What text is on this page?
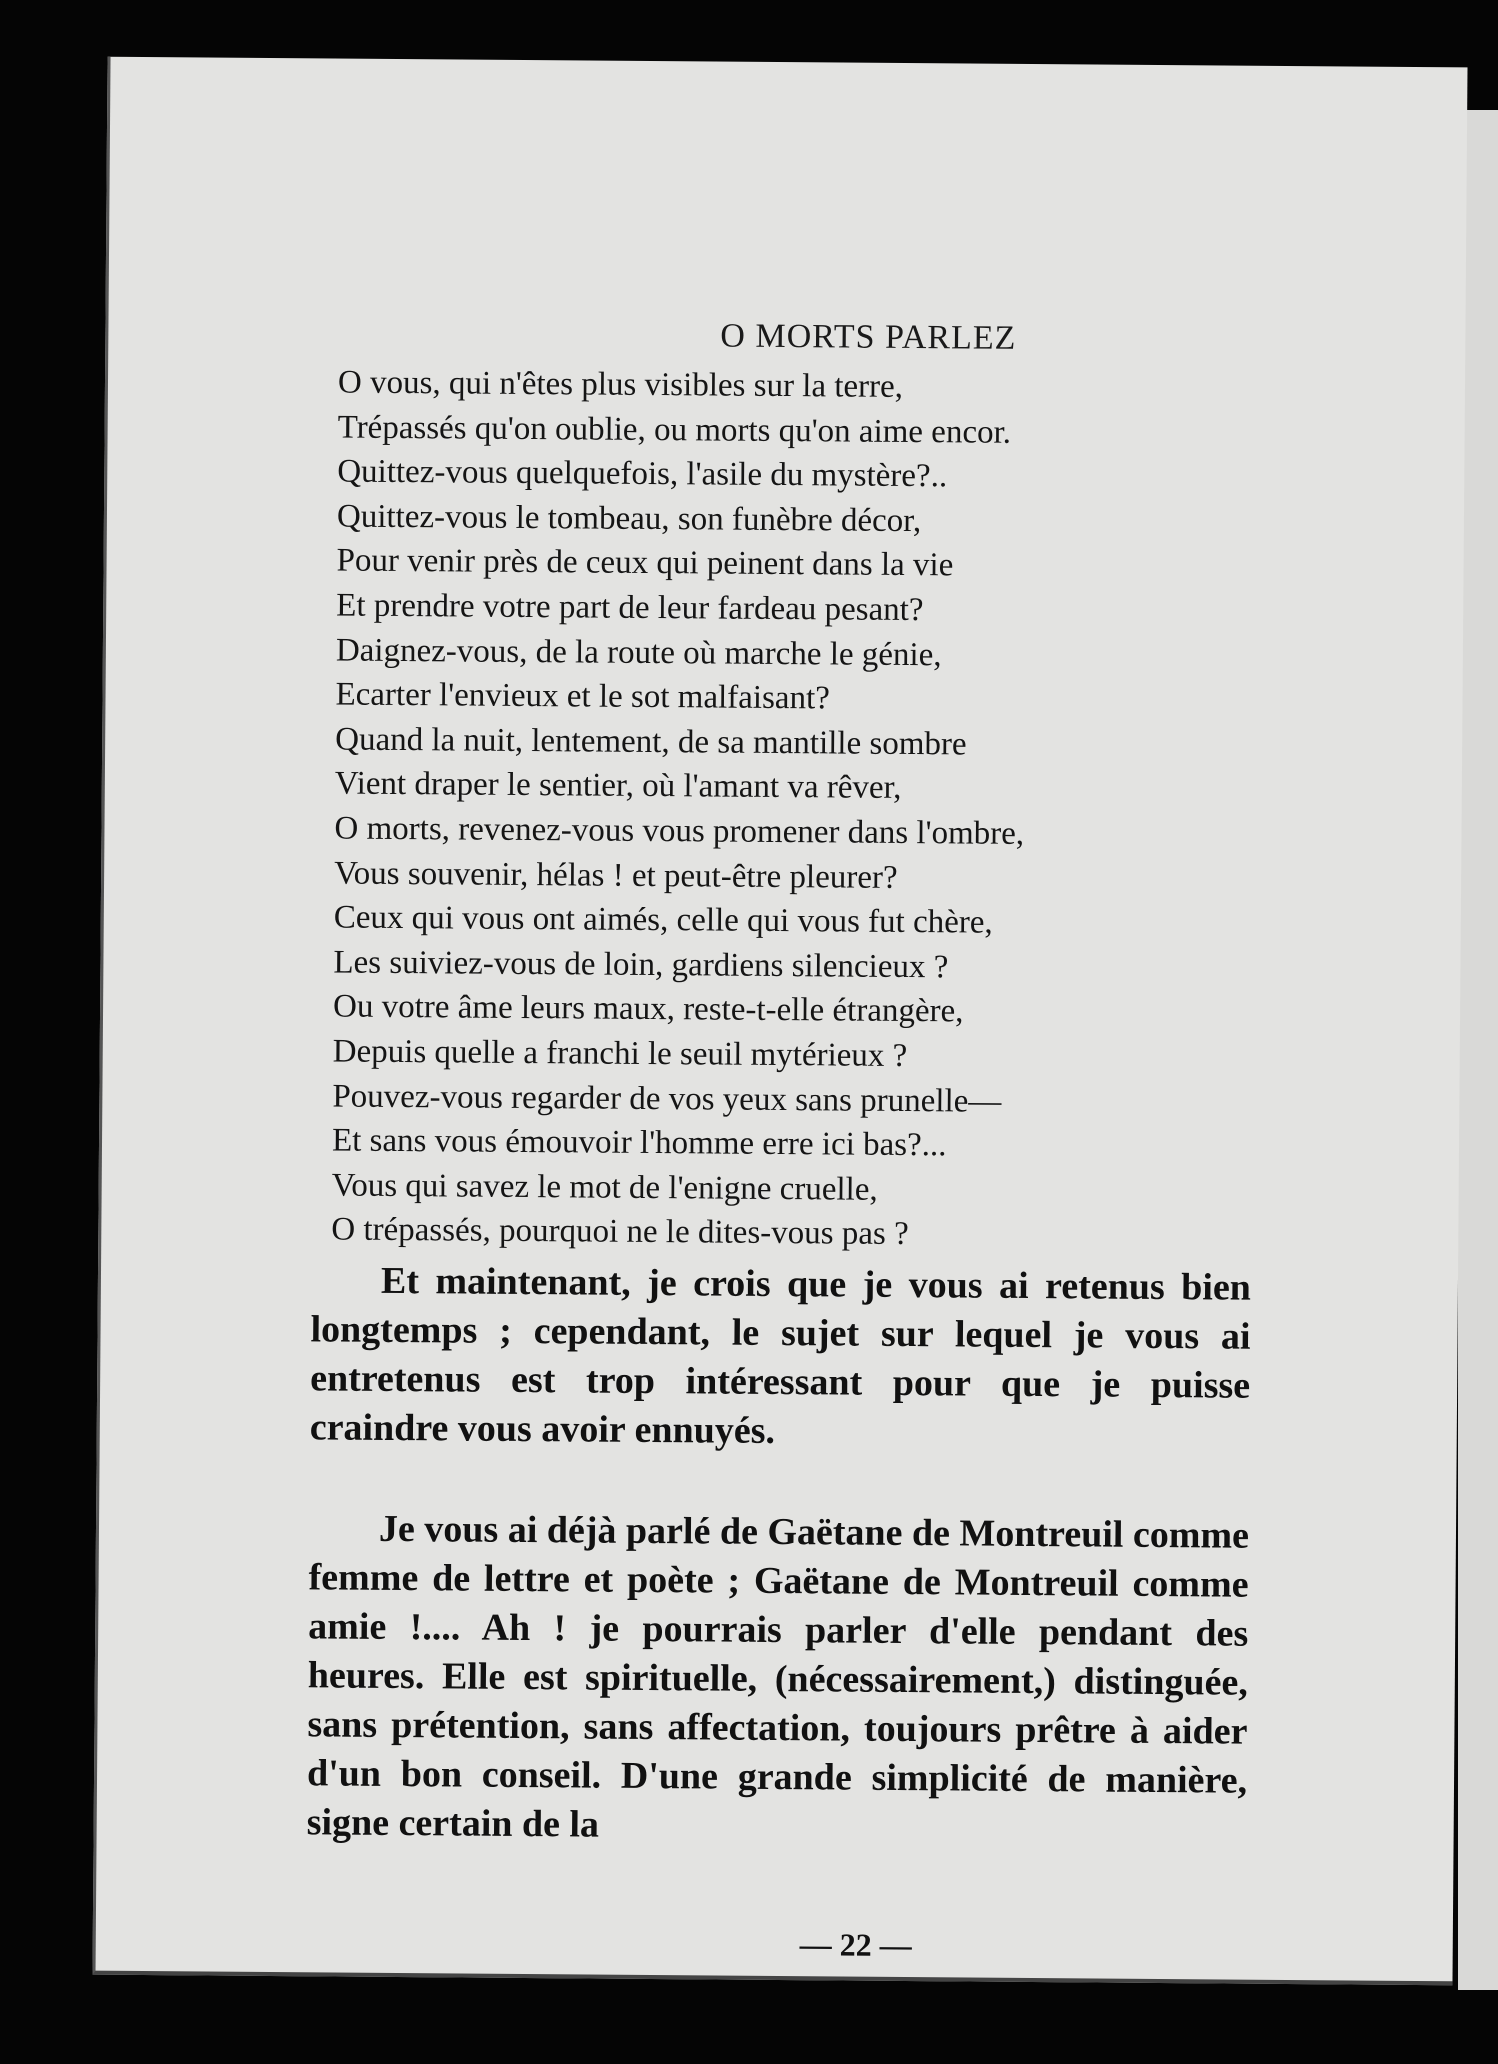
O MORTS PARLEZ
O vous, qui n'êtes plus visibles sur la terre,
Trépassés qu'on oublie, ou morts qu'on aime encor.
Quittez-vous quelquefois, l'asile du mystère?..
Quittez-vous le tombeau, son funèbre décor,
Pour venir près de ceux qui peinent dans la vie
Et prendre votre part de leur fardeau pesant?
Daignez-vous, de la route où marche le génie,
Ecarter l'envieux et le sot malfaisant?
Quand la nuit, lentement, de sa mantille sombre
Vient draper le sentier, où l'amant va rêver,
O morts, revenez-vous vous promener dans l'ombre,
Vous souvenir, hélas ! et peut-être pleurer?
Ceux qui vous ont aimés, celle qui vous fut chère,
Les suiviez-vous de loin, gardiens silencieux ?
Ou votre âme leurs maux, reste-t-elle étrangère,
Depuis quelle a franchi le seuil mytérieux ?
Pouvez-vous regarder de vos yeux sans prunelle—
Et sans vous émouvoir l'homme erre ici bas?...
Vous qui savez le mot de l'enigne cruelle,
O trépassés, pourquoi ne le dites-vous pas ?

Et maintenant, je crois que je vous ai retenus bien longtemps ; cependant, le sujet sur lequel je vous ai entretenus est trop intéressant pour que je puisse craindre vous avoir ennuyés.

Je vous ai déjà parlé de Gaëtane de Montreuil comme femme de lettre et poète ; Gaëtane de Montreuil comme amie !.... Ah ! je pourrais parler d'elle pendant des heures. Elle est spirituelle, (nécessairement,) distinguée, sans prétention, sans affectation, toujours prêtre à aider d'un bon conseil. D'une grande simplicité de manière, signe certain de la

— 22 —
